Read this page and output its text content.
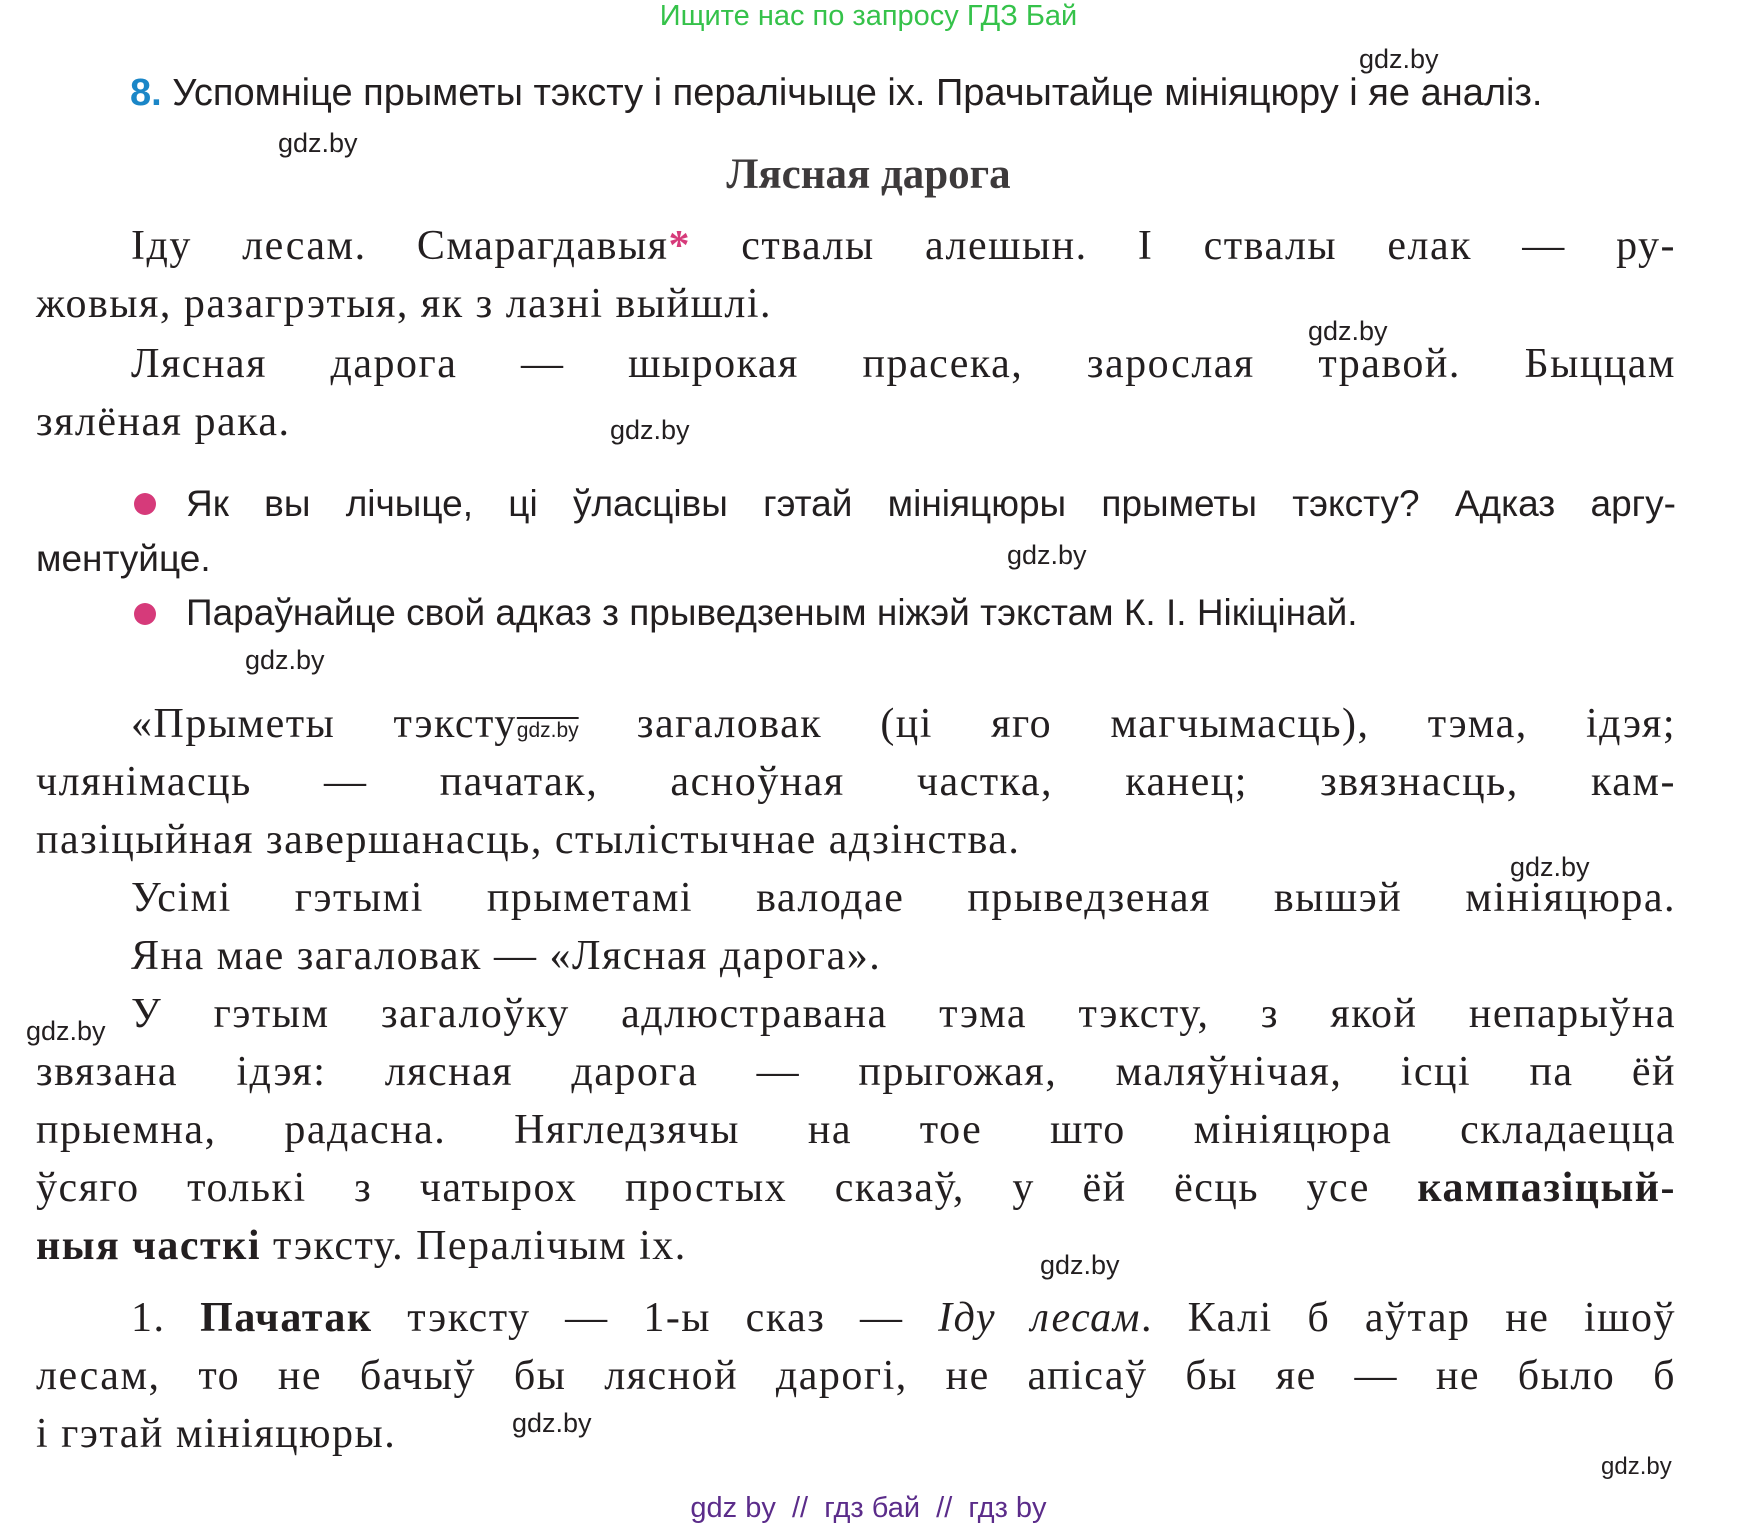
Ищите нас по запросу ГДЗ Бай
gdz.by
8. Успомніце прыметы тэксту і пералічыце іх. Прачытайце мініяцюру і яе аналіз.
gdz.by
Лясная дарога
Іду лесам. Смарагдавыя* ствалы алешын. І ствалы елак — ру-
жовыя, разагрэтыя, як з лазні выйшлі.
gdz.by
Лясная дарога — шырокая прасека, зарослая травой. Быццам
зялёная рака.	gdz.by
Як вы лічыце, ці ўласцівы гэтай мініяцюры прыметы тэксту? Адказ аргу-
ментуйце.	gdz.by
Параўнайце свой адказ з прыведзеным ніжэй тэкстам К. І. Нікіцінай.
gdz.by
«Прыметы тэкстуgdz.by загаловак (ці яго магчымасць), тэма, ідэя;
члянімасць — пачатак, асноўная частка, канец; звязнасць, кам-
пазіцыйная завершанасць, стылістычнае адзінства.
gdz.by
Усімі гэтымі прыметамі валодае прыведзеная вышэй мініяцюра.
Яна мае загаловак — «Лясная дарога».
gdz.by У гэтым загалоўку адлюстравана тэма тэксту, з якой непарыўна
звязана ідэя: лясная дарога — прыгожая, маляўнічая, ісці па ёй
прыемна, радасна. Нягледзячы на тое што мініяцюра складаецца
ўсяго толькі з чатырох простых сказаў, у ёй ёсць усе кампазіцый-
ныя часткі тэксту. Пералічым іх.	gdz.by
1. Пачатак тэксту — 1-ы сказ — Іду лесам. Калі б аўтар не ішоў
лесам, то не бачыў бы лясной дарогі, не апісаў бы яе — не было б
і гэтай мініяцюры.	gdz.by
gdz.by
gdz by  //  гдз бай  //  гдз by
